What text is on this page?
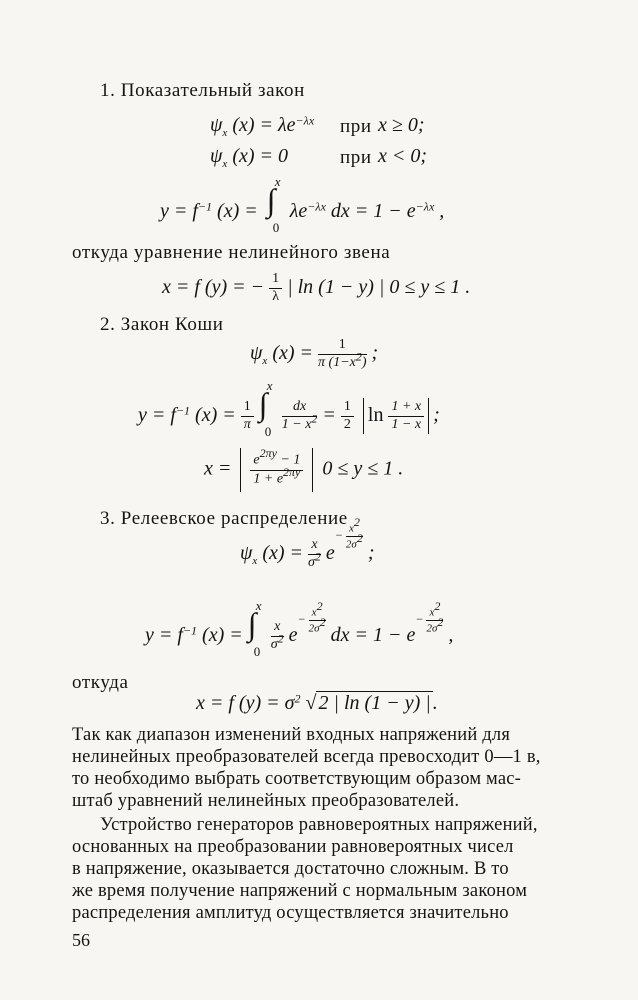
1. Показательный закон
$\psi_x$ $(x) = \lambda e^{-\lambda x}$ при x ≥ 0;
$\psi_x$ (x) = 0	при x < 0;
$y = f^{-1}$ (x) = ∫
x
0
$\lambda e^{-\lambda x}$ dx = $1 - e^{-\lambda x}$ ,
откуда уравнение нелинейного звена
x = f (y) = − $\frac{1}{\lambda}$ | ln (1 − y) | 0 ≤ y ≤ 1 .
2. Закон Коши
$\psi_x$ $(x) = \frac{1}{\pi (1-x^2)}$ ;
$y = f^{-1}$ $(x) = \frac{1}{\pi}$ ∫
x
0
$\frac{dx}{1 - x^2} = \frac{1}{2}$ $\ln \frac{1 + x}{1 - x}$ ;
$x = \frac{e^{2\pi y} - 1}{1 + e^{2\pi y}} 0 \le y \le 1$ .
3. Релеевское распределение
$\psi_x$ $(x) = \frac{x}{\sigma^2} e^{- \frac{x^2}{2\sigma^2}}$
;
$y = f^{-1}$ (x) = ∫
x
0
$\frac{x}{\sigma^2} e^{- \frac{x^2}{2\sigma^2}}$
dx = $1 - e^{- \frac{x^2}{2\sigma^2}}$
,
откуда
x = f $(y) = \sigma^2$ √ 2 | ln (1 − y) | .
Так как диапазон изменений входных напряжений для
нелинейных преобразователей всегда превосходит 0—1 в,
то необходимо выбрать соответствующим образом мас-
штаб уравнений нелинейных преобразователей.
Устройство генераторов равновероятных напряжений,
основанных на преобразовании равновероятных чисел
в напряжение, оказывается достаточно сложным. В то
же время получение напряжений с нормальным законом
распределения амплитуд осуществляется значительно
56
